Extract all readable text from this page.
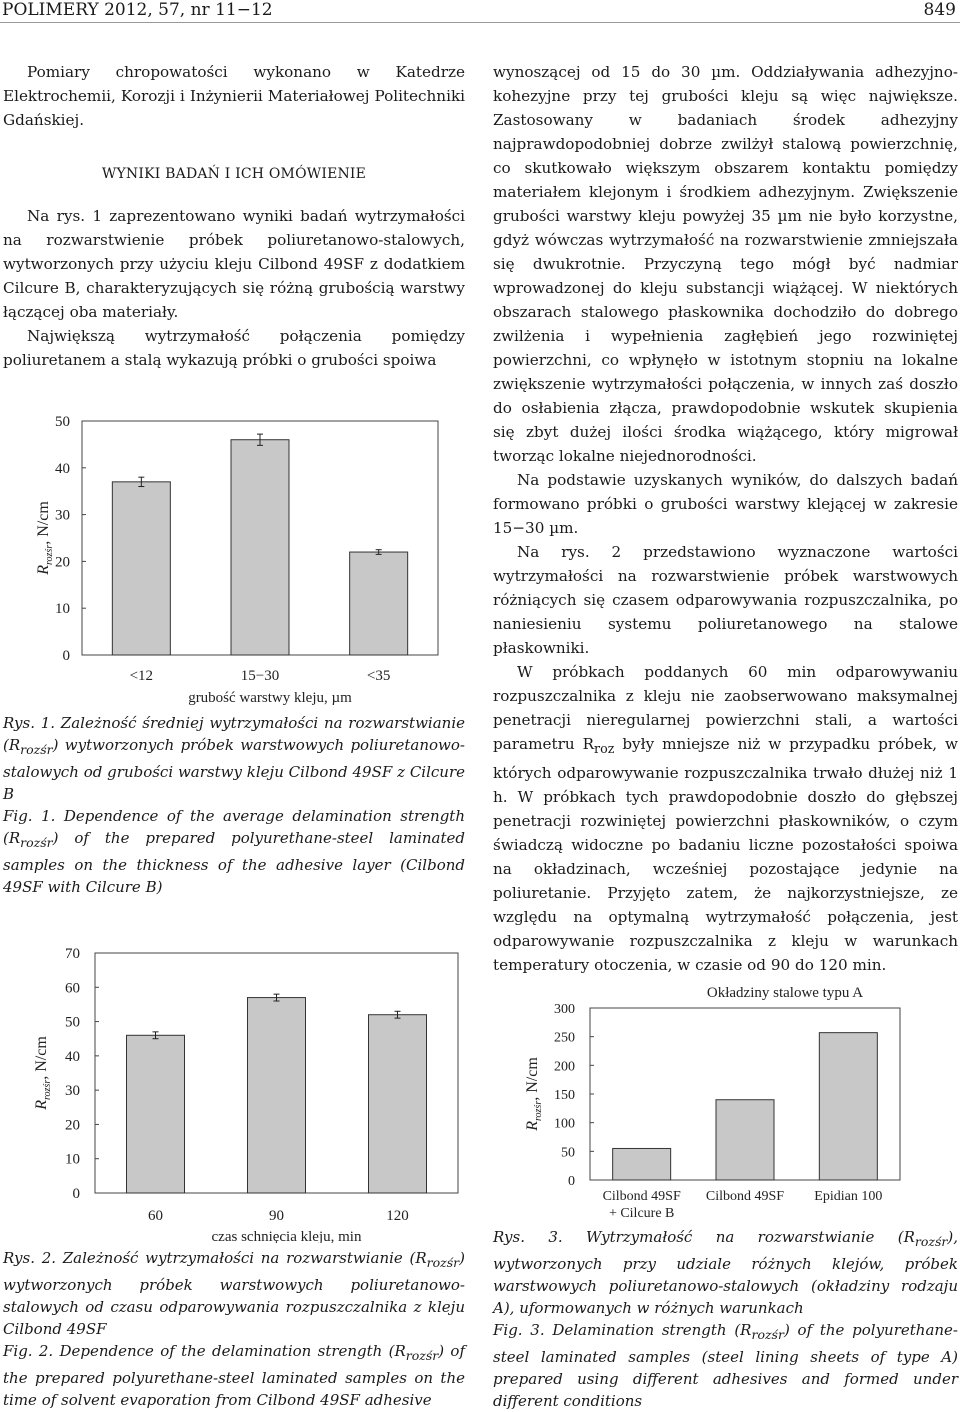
POLIMERY 2012, 57, nr 11−12	849

Pomiary chropowatości wykonano w Katedrze Elektrochemii, Korozji i Inżynierii Materiałowej Politechniki Gdańskiej.

WYNIKI BADAŃ I ICH OMÓWIENIE

Na rys. 1 zaprezentowano wyniki badań wytrzymałości na rozwarstwienie próbek poliuretanowo-stalowych, wytworzonych przy użyciu kleju Cilbond 49SF z dodatkiem Cilcure B, charakteryzujących się różną grubością warstwy łączącej oba materiały.

Największą wytrzymałość połączenia pomiędzy poliuretanem a stalą wykazują próbki o grubości spoiwa

wynoszącej od 15 do 30 µm. Oddziaływania adhezyjno-kohezyjne przy tej grubości kleju są więc największe. Zastosowany w badaniach środek adhezyjny najprawdopodobniej dobrze zwilżył stalową powierzchnię, co skutkowało większym obszarem kontaktu pomiędzy materiałem klejonym i środkiem adhezyjnym. Zwiększenie grubości warstwy kleju powyżej 35 µm nie było korzystne, gdyż wówczas wytrzymałość na rozwarstwienie zmniejszała się dwukrotnie. Przyczyną tego mógł być nadmiar wprowadzonej do kleju substancji wiążącej. W niektórych obszarach stalowego płaskownika dochodziło do dobrego zwilżenia i wypełnienia zagłębień jego rozwiniętej powierzchni, co wpłynęło w istotnym stopniu na lokalne zwiększenie wytrzymałości połączenia, w innych zaś doszło do osłabienia złącza, prawdopodobnie wskutek skupienia się zbyt dużej ilości środka wiążącego, który migrował tworząc lokalne niejednorodności.

Na podstawie uzyskanych wyników, do dalszych badań formowano próbki o grubości warstwy klejącej w zakresie 15−30 µm.

Na rys. 2 przedstawiono wyznaczone wartości wytrzymałości na rozwarstwienie próbek warstwowych różniących się czasem odparowywania rozpuszczalnika, po naniesieniu systemu poliuretanowego na stalowe płaskowniki.

W próbkach poddanych 60 min odparowywaniu rozpuszczalnika z kleju nie zaobserwowano maksymalnej penetracji nieregularnej powierzchni stali, a wartości parametru $R_{roz}$ były mniejsze niż w przypadku próbek, w których odparowywanie rozpuszczalnika trwało dłużej niż 1 h. W próbkach tych prawdopodobnie doszło do głębszej penetracji rozwiniętej powierzchni płaskowników, o czym świadczą widoczne po badaniu liczne pozostałości spoiwa na okładzinach, wcześniej pozostające jedynie na poliuretanie. Przyjęto zatem, że najkorzystniejsze, ze względu na optymalną wytrzymałość połączenia, jest odparowywanie rozpuszczalnika z kleju w warunkach temperatury otoczenia, w czasie od 90 do 120 min.

0
10
20
30
40
50
$R_{rozśr}$, N/cm
<12	15−30	<35
grubość warstwy kleju, µm
Rys. 1. Zależność średniej wytrzymałości na rozwarstwianie $(R_{rozśr})$ wytworzonych próbek warstwowych poliuretanowo-stalowych od grubości warstwy kleju Cilbond 49SF z Cilcure B
Fig. 1. Dependence of the average delamination strength $(R_{rozśr})$ of the prepared polyurethane-steel laminated samples on the thickness of the adhesive layer (Cilbond 49SF with Cilcure B)
0
10
20
30
40
50
60
70
$R_{rozśr}$, N/cm
60	90	120
czas schnięcia kleju, min
Rys. 2. Zależność wytrzymałości na rozwarstwianie $(R_{rozśr})$ wytworzonych próbek warstwowych poliuretanowo-stalowych od czasu odparowywania rozpuszczalnika z kleju Cilbond 49SF
Fig. 2. Dependence of the delamination strength $(R_{rozśr})$ of the prepared polyurethane-steel laminated samples on the time of solvent evaporation from Cilbond 49SF adhesive
0
50
100
150
200
250
300
$R_{rozśr}$, N/cm
Cilbond 49SF
+ Cilcure B
Cilbond 49SF Epidian 100
Okładziny stalowe typu A
Rys. 3. Wytrzymałość na rozwarstwianie $(R_{rozśr})$, wytworzonych przy udziale różnych klejów, próbek warstwowych poliuretanowo-stalowych (okładziny rodzaju A), uformowanych w różnych warunkach
Fig. 3. Delamination strength $(R_{rozśr})$ of the polyurethane-steel laminated samples (steel lining sheets of type A) prepared using different adhesives and formed under different conditions
